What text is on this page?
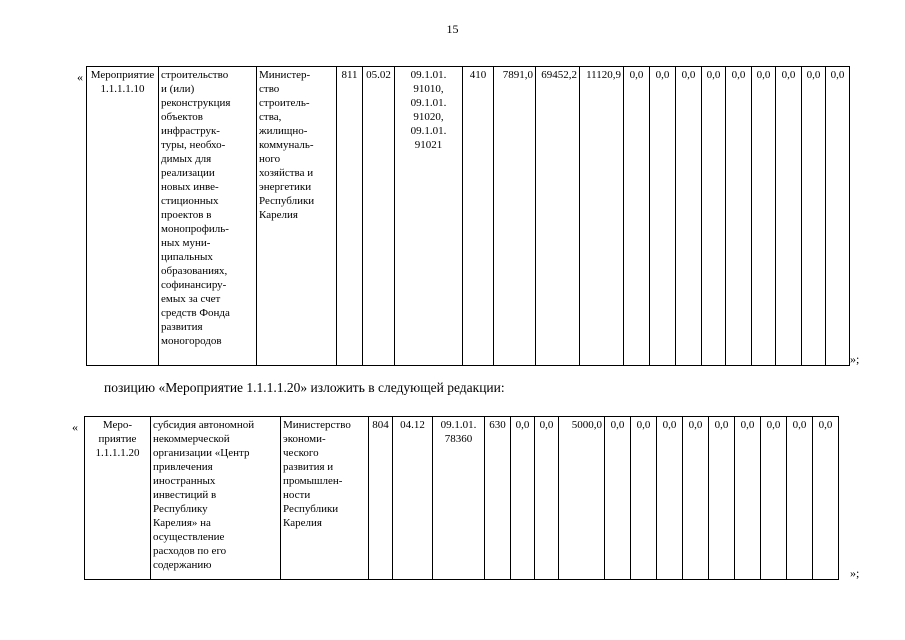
15
« Мероприятие
1.1.1.1.10	строительство
и (или)
реконструкция
объектов
инфраструк-
туры, необхо-
димых для
реализации
новых инве-
стиционных
проектов в
монопрофиль-
ных муни-
ципальных
образованиях,
софинансиру-
емых за счет
средств Фонда
развития
моногородов	Министер-
ство
строитель-
ства,
жилищно-
коммуналь-
ного
хозяйства и
энергетики
Республики
Карелия	811	05.02	09.1.01.
91010,
09.1.01.
91020,
09.1.01.
91021	410	7891,0	69452,2	11120,9	0,0	0,0	0,0	0,0	0,0	0,0	0,0	0,0	0,0
»;
позицию «Мероприятие 1.1.1.1.20» изложить в следующей редакции:
« Меро-
приятие
1.1.1.1.20	субсидия автономной
некоммерческой
организации «Центр
привлечения
иностранных
инвестиций в
Республику
Карелия» на
осуществление
расходов по его
содержанию	Министерство
экономи-
ческого
развития и
промышлен-
ности
Республики
Карелия	804	04.12	09.1.01.
78360	630	0,0	0,0	5000,0	0,0	0,0	0,0	0,0	0,0	0,0	0,0	0,0	0,0
»;
